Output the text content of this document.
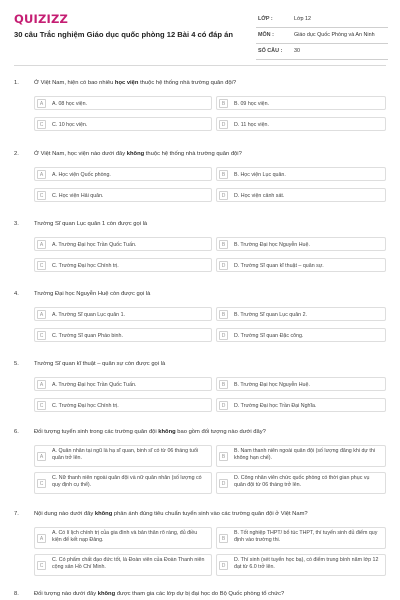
QUIZIZZ
30 câu Trắc nghiệm Giáo dục quốc phòng 12 Bài 4 có đáp án
LỚP :	Lớp 12
MÔN :	Giáo dục Quốc Phòng và An Ninh
SỐ CÂU : 30
1.	Ở Việt Nam, hiện có bao nhiêu học viện thuộc hệ thống nhà trường quân đội?
A	A. 08 học viện.	B	B. 09 học viện.
C	C. 10 học viện.	D	D. 11 học viện.
2.	Ở Việt Nam, học viện nào dưới đây không thuộc hệ thống nhà trường quân đội?
A	A. Học viện Quốc phòng.	B	B. Học viện Lục quân.
C	C. Học viện Hải quân.	D	D. Học viện cảnh sát.
3.	Trường Sĩ quan Lục quân 1 còn được gọi là
A	A. Trường Đại học Trần Quốc Tuấn.	B	B. Trường Đại học Nguyễn Huệ.
C	C. Trường Đại học Chính trị.	D	D. Trường Sĩ quan kĩ thuật – quân sự.
4.	Trường Đại học Nguyễn Huệ còn được gọi là
A	A. Trường Sĩ quan Lục quân 1.	B	B. Trường Sĩ quan Lục quân 2.
C	C. Trường Sĩ quan Pháo binh.	D	D. Trường Sĩ quan Đặc công.
5.	Trường Sĩ quan kĩ thuật – quân sự còn được gọi là
A	A. Trường Đại học Trần Quốc Tuấn.	B	B. Trường Đại học Nguyễn Huệ.
C	C. Trường Đại học Chính trị.	D	D. Trường Đại học Trần Đại Nghĩa.
6.	Đối tượng tuyển sinh trong các trường quân đội không bao gồm đối tượng nào dưới đây?
A
A. Quân nhân tại ngũ là hạ sĩ quan, binh sĩ có từ 06 tháng tuổi quân trở lên.	B
B. Nam thanh niên ngoài quân đội (số lượng đăng khi dự thi không hạn chế).
C
C. Nữ thanh niên ngoài quân đội và nữ quân nhân (số lượng có quy định cụ thể).	D
D. Công nhân viên chức quốc phòng có thời gian phục vụ quân đội từ 06 tháng trở lên.
7.	Nội dung nào dưới đây không phản ánh đúng tiêu chuẩn tuyển sinh vào các trường quân đội ở Việt Nam?
A
A. Có lí lịch chính trị của gia đình và bản thân rõ ràng, đủ điều kiện để kết nạp Đảng.	B
B. Tốt nghiệp THPT/ bổ túc THPT, thí tuyển sinh đủ điểm quy định vào trường thi.
C
C. Có phẩm chất đạo đức tốt, là Đoàn viên của Đoàn Thanh niên cộng sản Hồ Chí Minh.	D
D. Thí sinh (xét tuyển học bạ), có điểm trung bình năm lớp 12 đạt từ 6.0 trở lên.
8.	Đối tượng nào dưới đây không được tham gia các lớp dự bị đại học do Bộ Quốc phòng tổ chức?
